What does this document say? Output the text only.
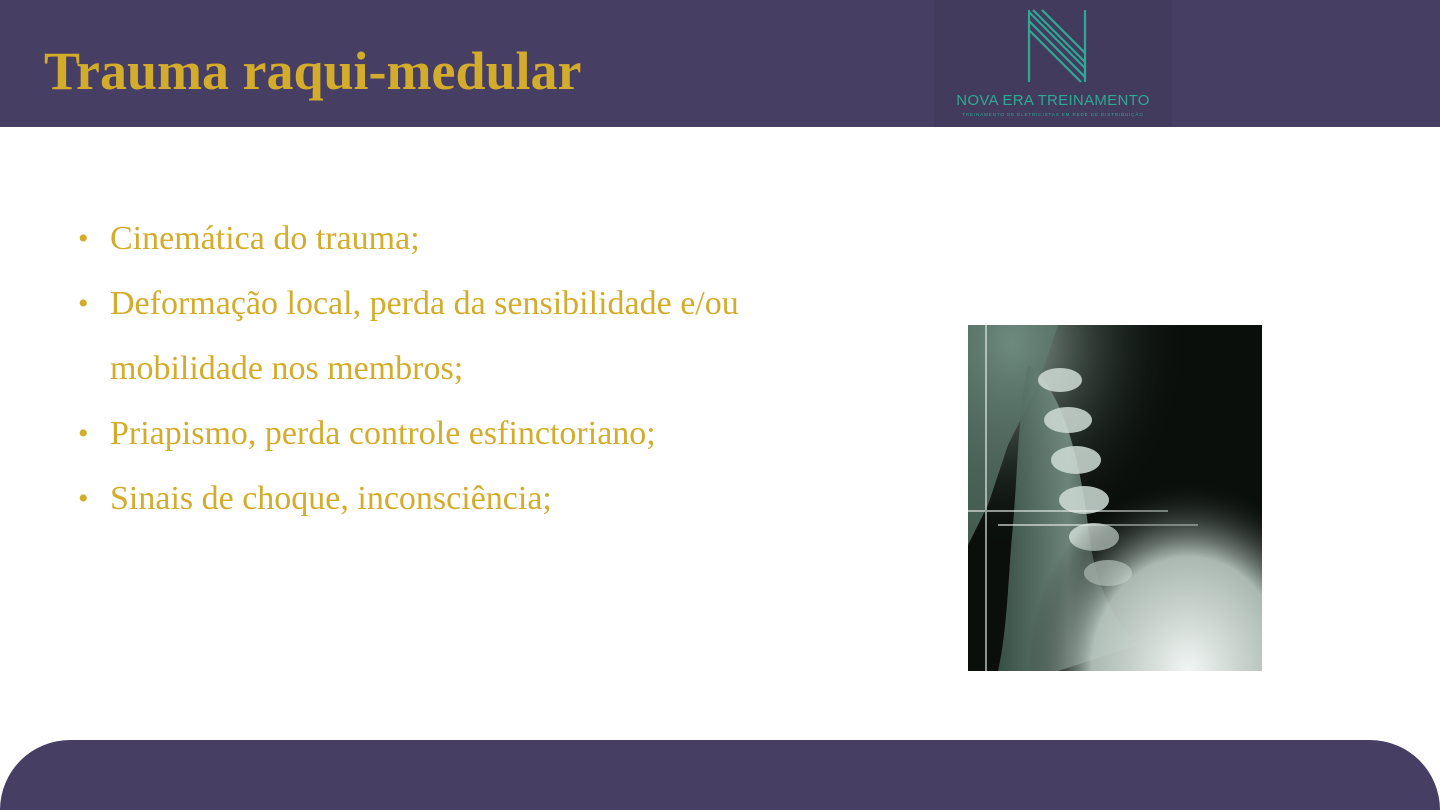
Trauma raqui-medular	NOVA ERA TREINAMENTO
TREINAMENTO DE ELETRICISTAS EM REDE DE DISTRIBUIÇÃO
• Cinemática do trauma;
• Deformação local, perda da sensibilidade e/ou mobilidade nos membros;
• Priapismo, perda controle esfinctoriano;
• Sinais de choque, inconsciência;
